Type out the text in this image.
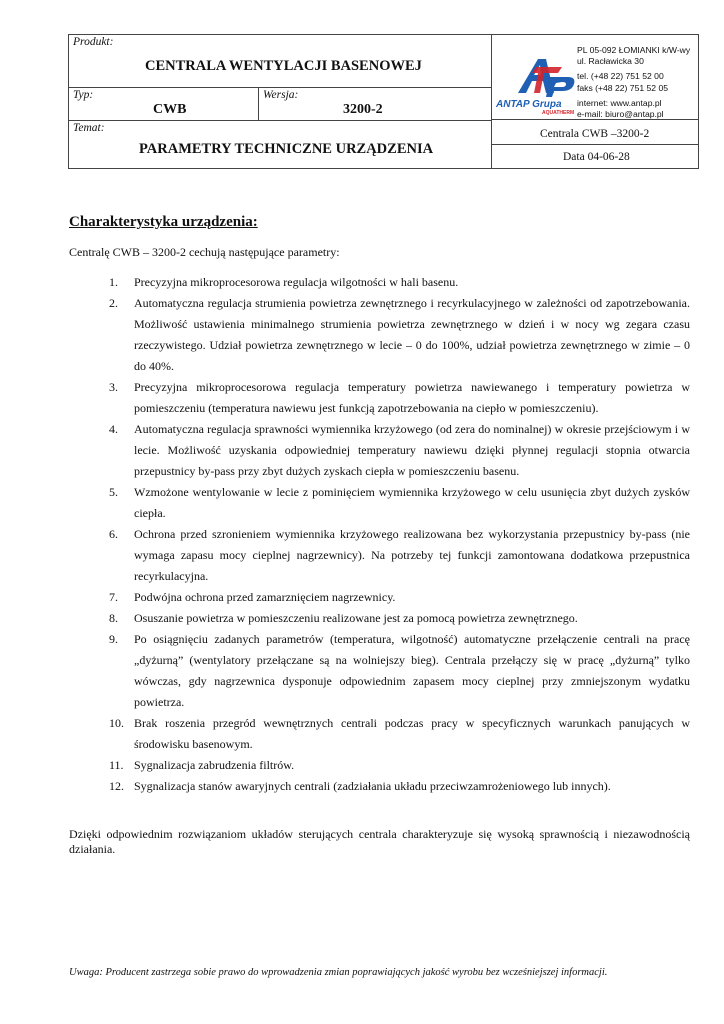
Produkt:
CENTRALA WENTYLACJI BASENOWEJ
Typ:
CWB
Wersja:
3200-2
Temat:
PARAMETRY TECHNICZNE URZĄDZENIA
ANTAP Grupa
AQUATHERM
PL 05-092 ŁOMIANKI k/W-wy
ul. Racławicka 30
tel. (+48 22) 751 52 00
faks (+48 22) 751 52 05
internet: www.antap.pl
e-mail: biuro@antap.pl
Centrala CWB –3200-2
Data 04-06-28
Charakterystyka urządzenia:
Centralę CWB – 3200-2 cechują następujące parametry:
1.	Precyzyjna mikroprocesorowa regulacja wilgotności w hali basenu.
2.	Automatyczna regulacja strumienia powietrza zewnętrznego i recyrkulacyjnego w zależności od zapotrzebowania. Możliwość ustawienia minimalnego strumienia powietrza zewnętrznego w dzień i w nocy wg zegara czasu rzeczywistego. Udział powietrza zewnętrznego w lecie – 0 do 100%, udział powietrza zewnętrznego w zimie – 0 do 40%.
3.	Precyzyjna mikroprocesorowa regulacja temperatury powietrza nawiewanego i temperatury powietrza w pomieszczeniu (temperatura nawiewu jest funkcją zapotrzebowania na ciepło w pomieszczeniu).
4.	Automatyczna regulacja sprawności wymiennika krzyżowego (od zera do nominalnej) w okresie przejściowym i w lecie. Możliwość uzyskania odpowiedniej temperatury nawiewu dzięki płynnej regulacji stopnia otwarcia przepustnicy by-pass przy zbyt dużych zyskach ciepła w pomieszczeniu basenu.
5.	Wzmożone wentylowanie w lecie z pominięciem wymiennika krzyżowego w celu usunięcia zbyt dużych zysków ciepła.
6.	Ochrona przed szronieniem wymiennika krzyżowego realizowana bez wykorzystania przepustnicy by-pass (nie wymaga zapasu mocy cieplnej nagrzewnicy). Na potrzeby tej funkcji zamontowana dodatkowa przepustnica recyrkulacyjna.
7.	Podwójna ochrona przed zamarznięciem nagrzewnicy.
8.	Osuszanie powietrza w pomieszczeniu realizowane jest za pomocą powietrza zewnętrznego.
9.	Po osiągnięciu zadanych parametrów (temperatura, wilgotność) automatyczne przełączenie centrali na pracę „dyżurną” (wentylatory przełączane są na wolniejszy bieg). Centrala przełączy się w pracę „dyżurną” tylko wówczas, gdy nagrzewnica dysponuje odpowiednim zapasem mocy cieplnej przy zmniejszonym wydatku powietrza.
10. Brak roszenia przegród wewnętrznych centrali podczas pracy w specyficznych warunkach panujących w środowisku basenowym.
11. Sygnalizacja zabrudzenia filtrów.
12. Sygnalizacja stanów awaryjnych centrali (zadziałania układu przeciwzamrożeniowego lub innych).
Dzięki odpowiednim rozwiązaniom układów sterujących centrala charakteryzuje się wysoką sprawnością i niezawodnością działania.
Uwaga: Producent zastrzega sobie prawo do wprowadzenia zmian poprawiających jakość wyrobu bez wcześniejszej informacji.
